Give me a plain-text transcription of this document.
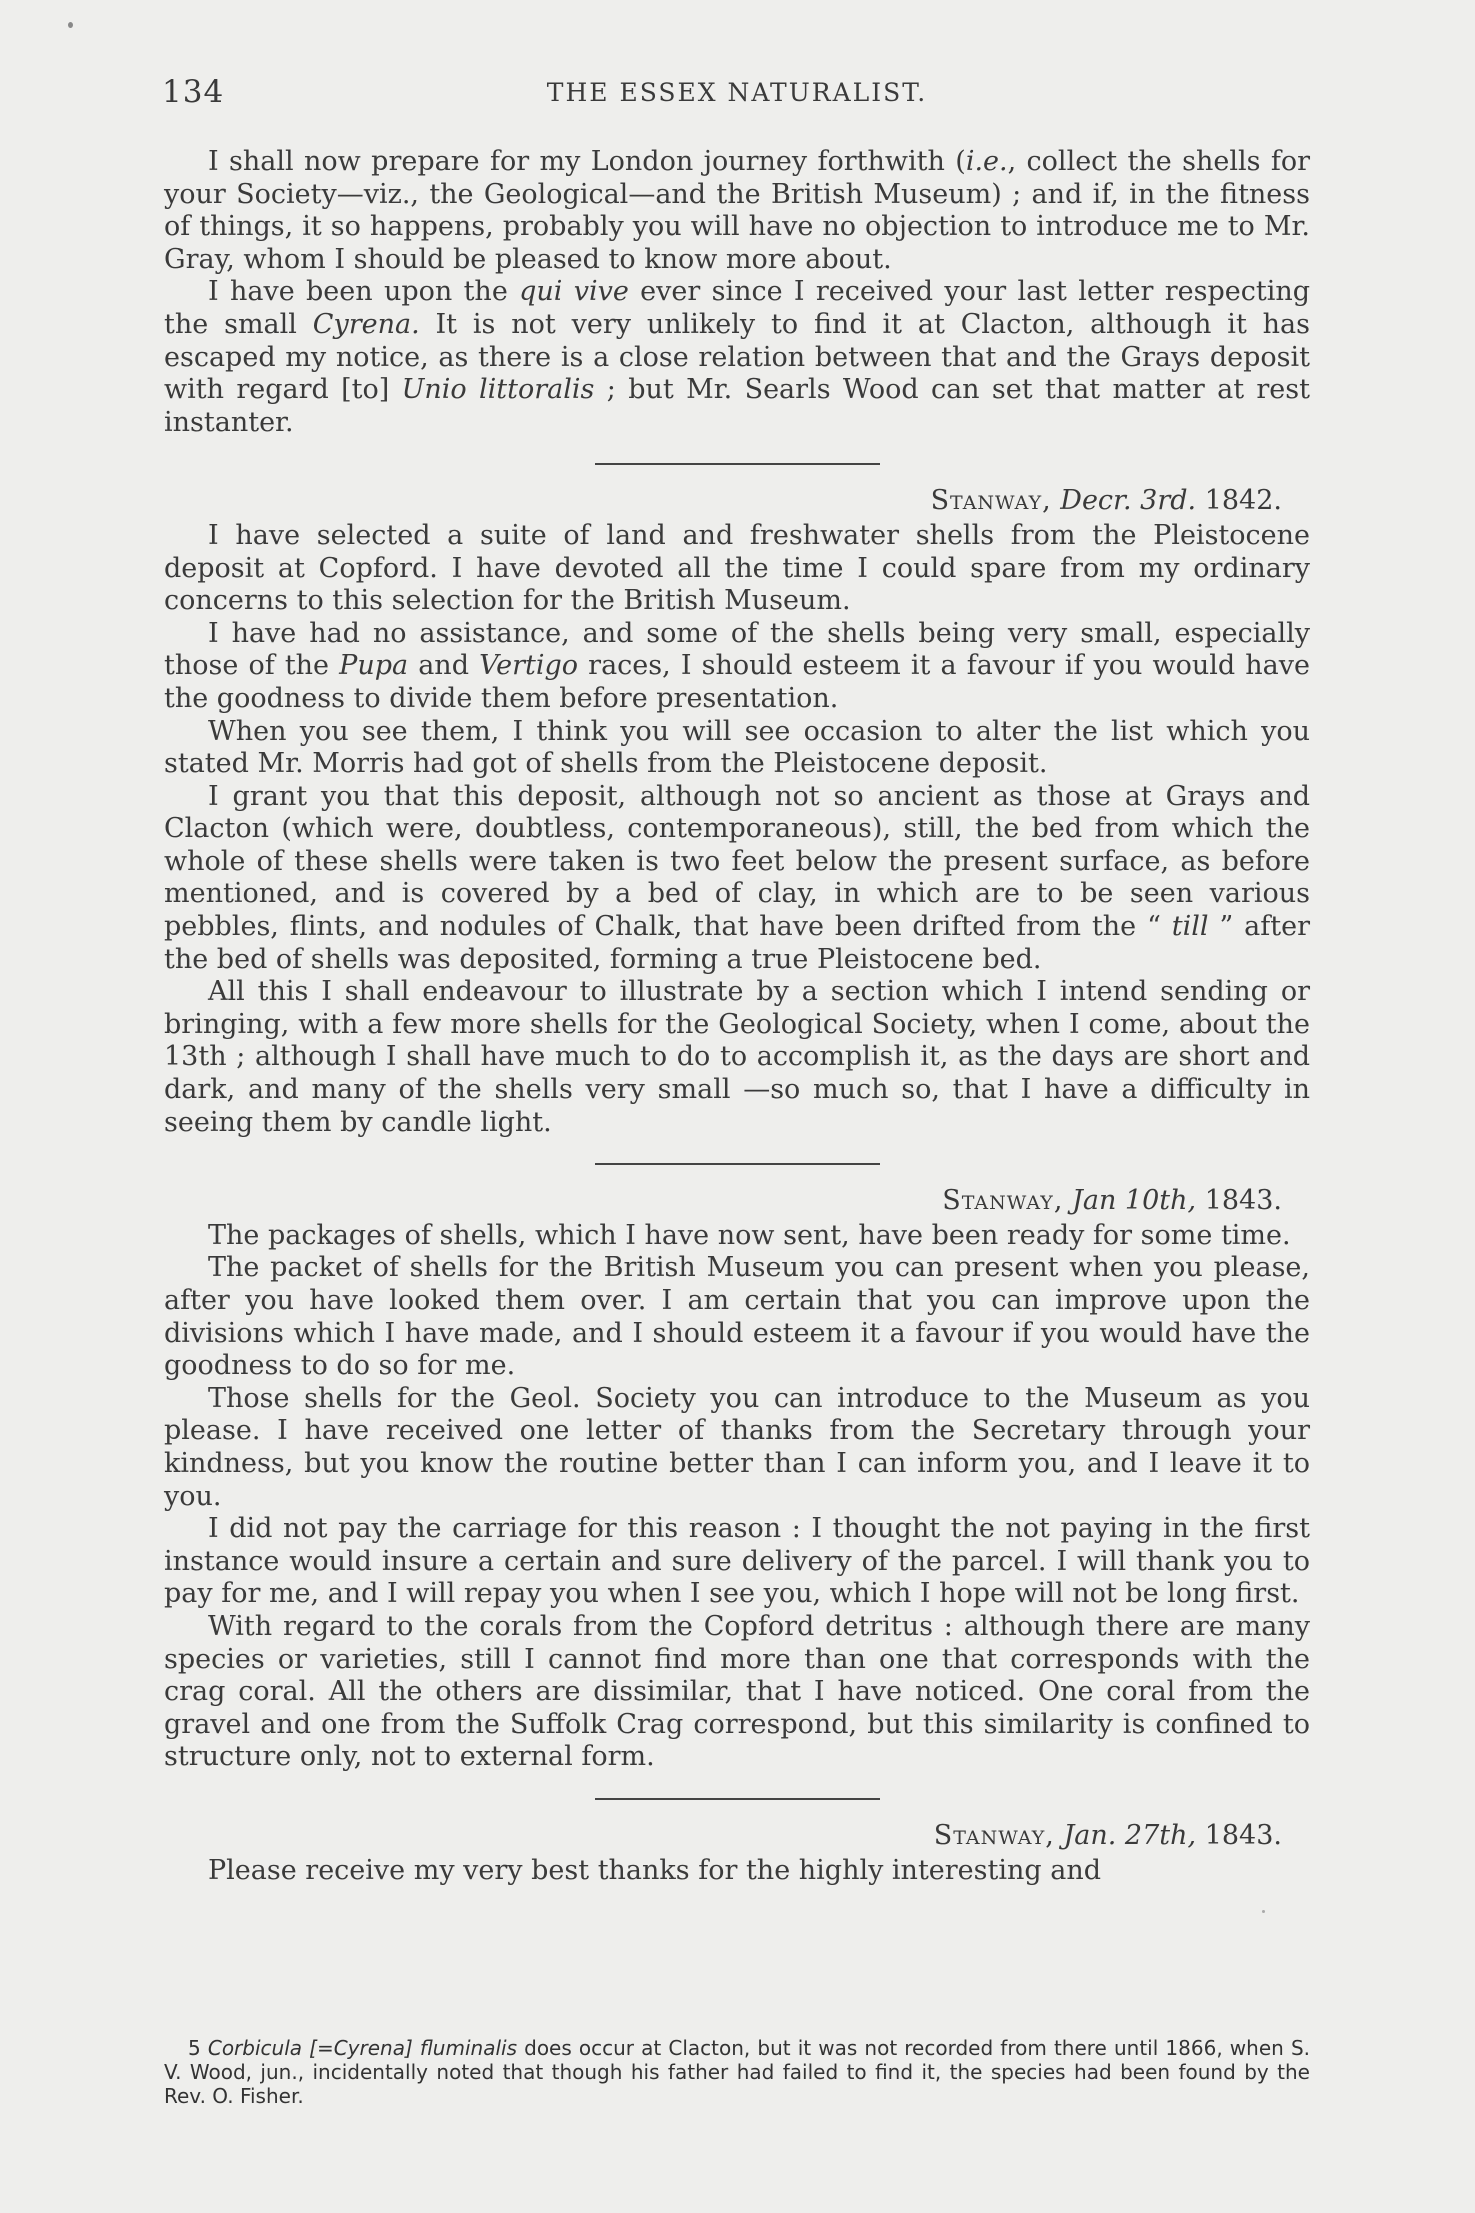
134	THE ESSEX NATURALIST.

I shall now prepare for my London journey forthwith (i.e., collect the shells for your Society—viz., the Geological—and the British Museum) ; and if, in the fitness of things, it so happens, probably you will have no objection to introduce me to Mr. Gray, whom I should be pleased to know more about.

I have been upon the qui vive ever since I received your last letter respecting the small Cyrena. It is not very unlikely to find it at Clacton, although it has escaped my notice, as there is a close relation between that and the Grays deposit with regard [to] Unio littoralis ; but Mr. Searls Wood can set that matter at rest instanter.

Stanway, Decr. 3rd. 1842.

I have selected a suite of land and freshwater shells from the Pleistocene deposit at Copford. I have devoted all the time I could spare from my ordinary concerns to this selection for the British Museum.

I have had no assistance, and some of the shells being very small, especially those of the Pupa and Vertigo races, I should esteem it a favour if you would have the goodness to divide them before presentation.

When you see them, I think you will see occasion to alter the list which you stated Mr. Morris had got of shells from the Pleistocene deposit.

I grant you that this deposit, although not so ancient as those at Grays and Clacton (which were, doubtless, contemporaneous), still, the bed from which the whole of these shells were taken is two feet below the present surface, as before mentioned, and is covered by a bed of clay, in which are to be seen various pebbles, flints, and nodules of Chalk, that have been drifted from the “ till ” after the bed of shells was deposited, forming a true Pleistocene bed.

All this I shall endeavour to illustrate by a section which I intend sending or bringing, with a few more shells for the Geological Society, when I come, about the 13th ; although I shall have much to do to accomplish it, as the days are short and dark, and many of the shells very small —so much so, that I have a difficulty in seeing them by candle light.

Stanway, Jan 10th, 1843.

The packages of shells, which I have now sent, have been ready for some time.

The packet of shells for the British Museum you can present when you please, after you have looked them over. I am certain that you can improve upon the divisions which I have made, and I should esteem it a favour if you would have the goodness to do so for me.

Those shells for the Geol. Society you can introduce to the Museum as you please. I have received one letter of thanks from the Secretary through your kindness, but you know the routine better than I can inform you, and I leave it to you.

I did not pay the carriage for this reason : I thought the not paying in the first instance would insure a certain and sure delivery of the parcel. I will thank you to pay for me, and I will repay you when I see you, which I hope will not be long first.

With regard to the corals from the Copford detritus : although there are many species or varieties, still I cannot find more than one that corresponds with the crag coral. All the others are dissimilar, that I have noticed. One coral from the gravel and one from the Suffolk Crag correspond, but this similarity is confined to structure only, not to external form.

Stanway, Jan. 27th, 1843.

Please receive my very best thanks for the highly interesting and

5 Corbicula [=Cyrena] fluminalis does occur at Clacton, but it was not recorded from there until 1866, when S. V. Wood, jun., incidentally noted that though his father had failed to find it, the species had been found by the Rev. O. Fisher.
